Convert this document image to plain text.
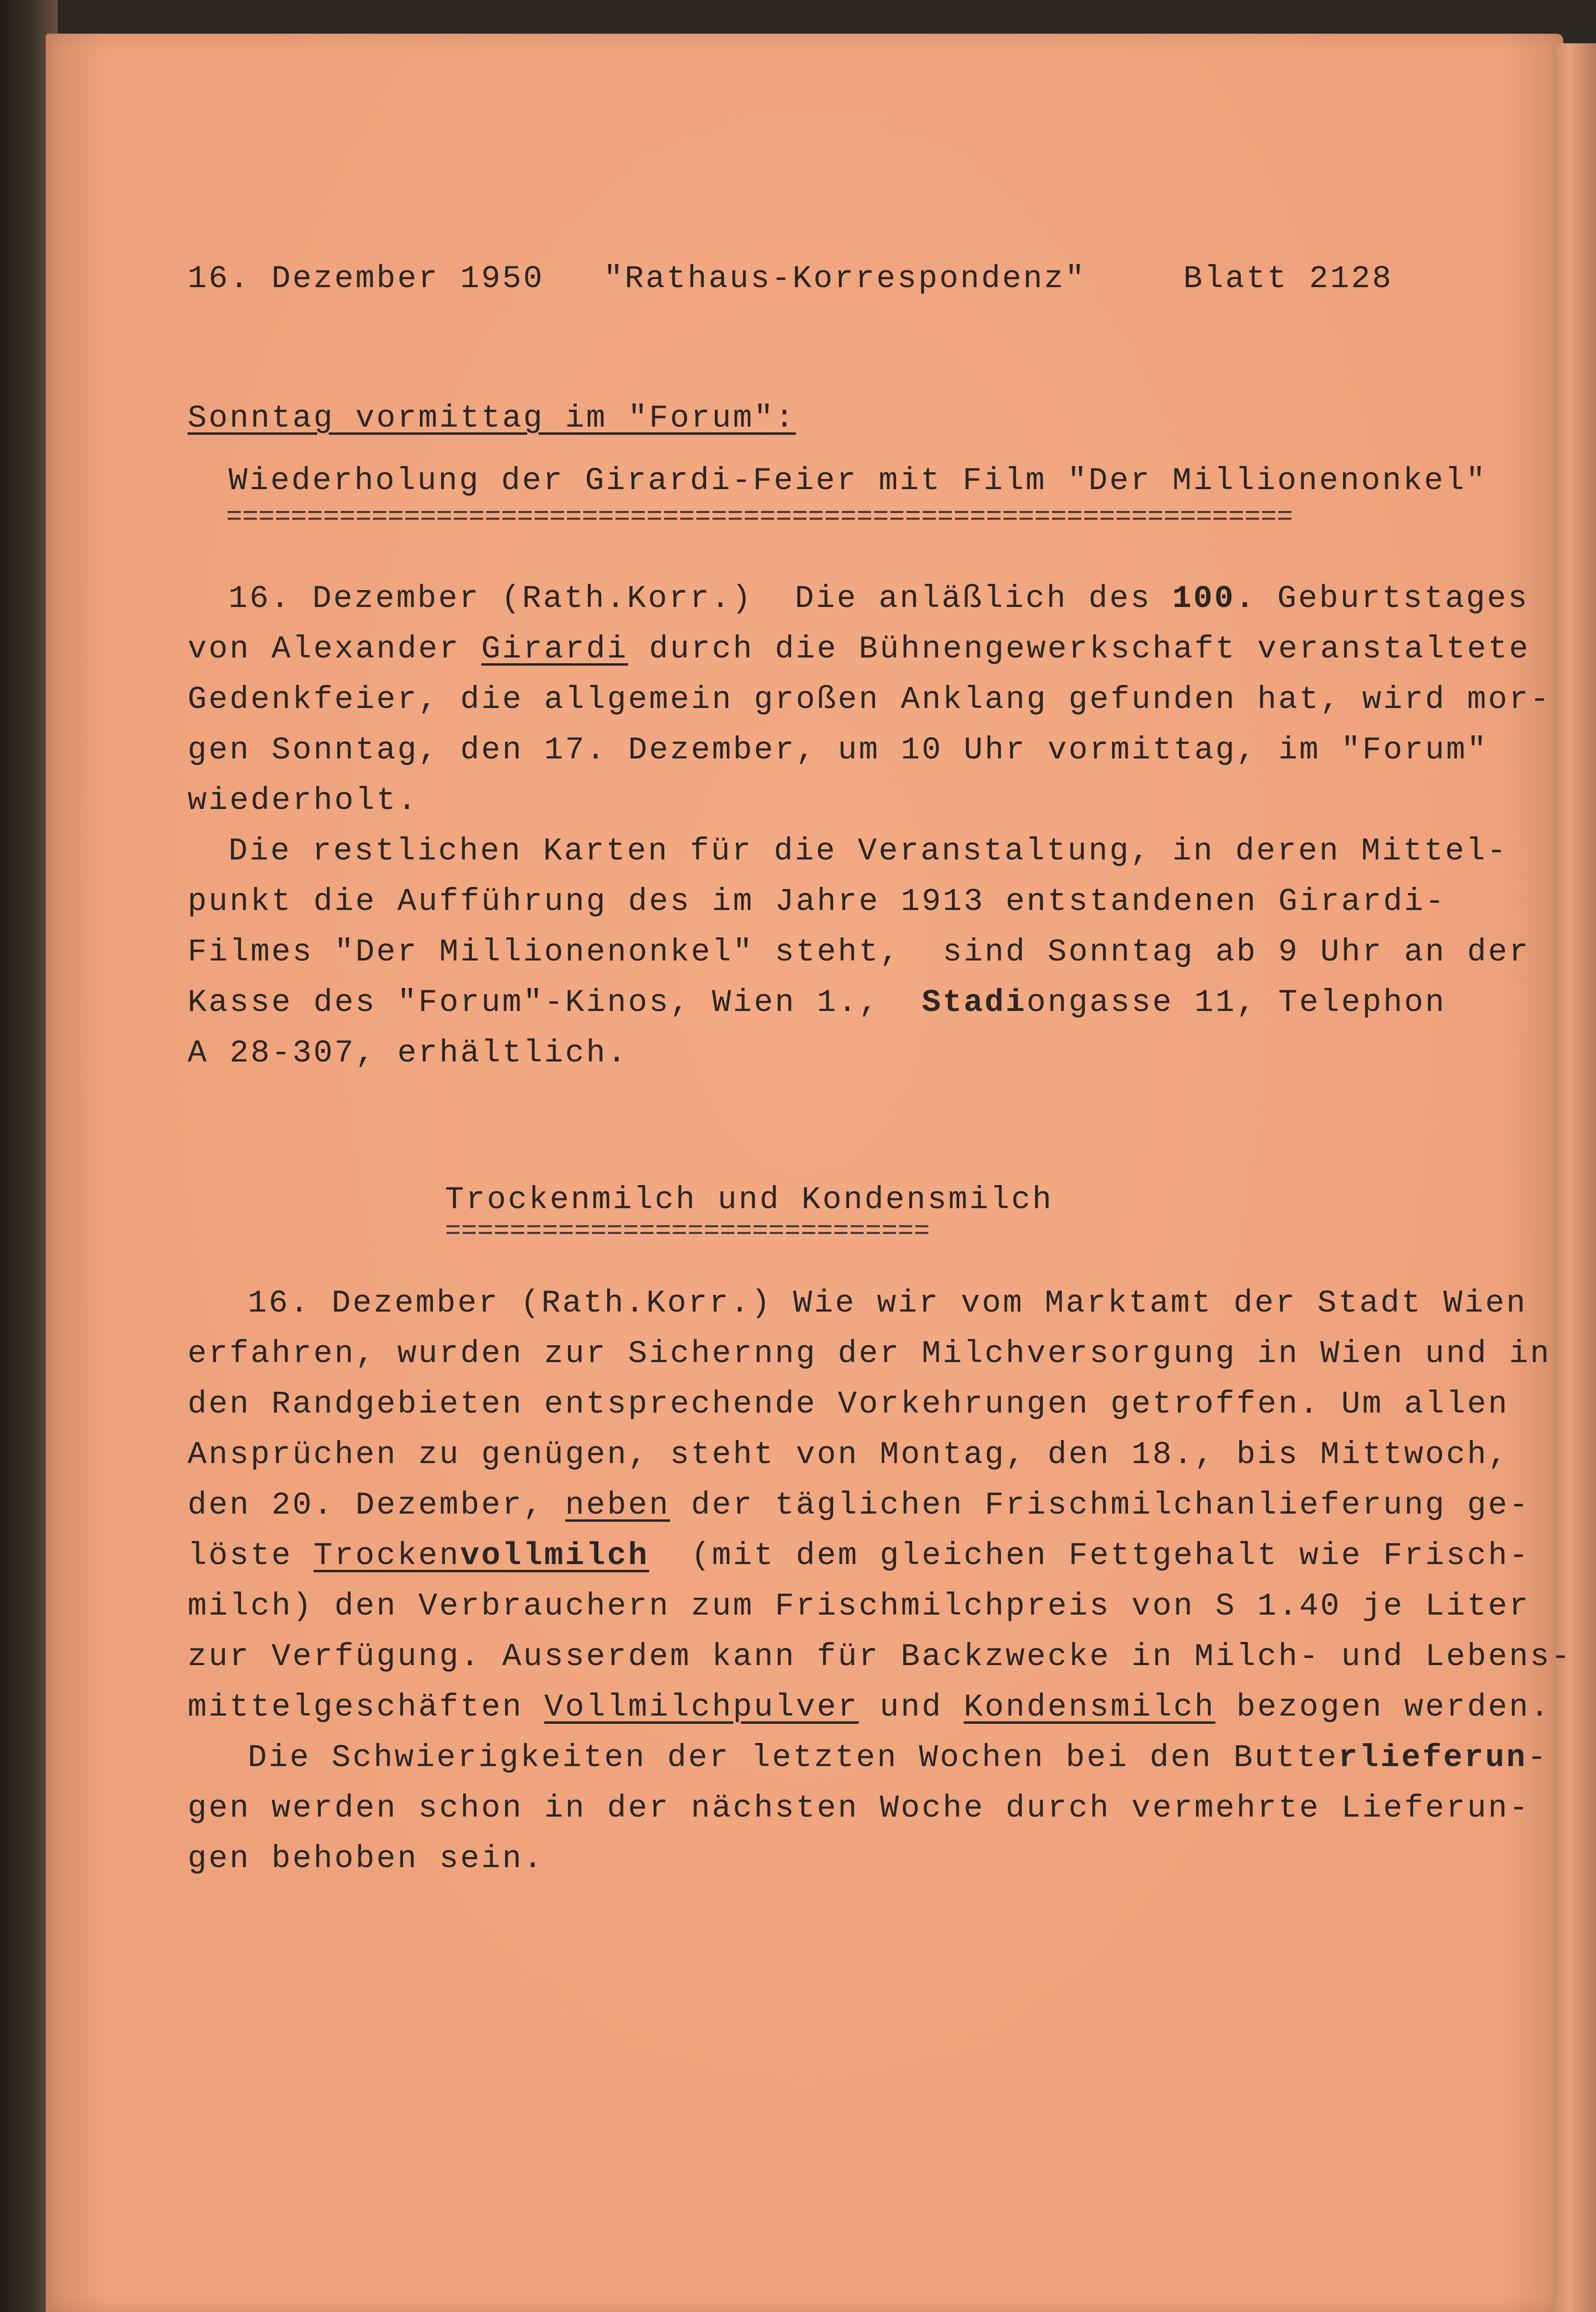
16. Dezember 1950 "Rathaus-Korrespondenz"	Blatt 2128
Sonntag vormittag im "Forum":
Wiederholung der Girardi-Feier mit Film "Der Millionenonkel"
==================================================================
16. Dezember (Rath.Korr.)  Die anläßlich des 100. Geburtstages
von Alexander Girardi durch die Bühnengewerkschaft veranstaltete
Gedenkfeier, die allgemein großen Anklang gefunden hat, wird mor-
gen Sonntag, den 17. Dezember, um 10 Uhr vormittag, im "Forum"
wiederholt.
Die restlichen Karten für die Veranstaltung, in deren Mittel-
punkt die Aufführung des im Jahre 1913 entstandenen Girardi-
Filmes "Der Millionenonkel" steht,  sind Sonntag ab 9 Uhr an der
Kasse des "Forum"-Kinos, Wien 1.,  Stadiongasse 11, Telephon
A 28-307, erhältlich.
Trockenmilch und Kondensmilch
==============================
16. Dezember (Rath.Korr.) Wie wir vom Marktamt der Stadt Wien
erfahren, wurden zur Sichernng der Milchversorgung in Wien und in
den Randgebieten entsprechende Vorkehrungen getroffen. Um allen
Ansprüchen zu genügen, steht von Montag, den 18., bis Mittwoch,
den 20. Dezember, neben der täglichen Frischmilchanlieferung ge-
löste Trockenvollmilch  (mit dem gleichen Fettgehalt wie Frisch-
milch) den Verbrauchern zum Frischmilchpreis von S 1.40 je Liter
zur Verfügung. Ausserdem kann für Backzwecke in Milch- und Lebens-
mittelgeschäften Vollmilchpulver und Kondensmilch bezogen werden.
Die Schwierigkeiten der letzten Wochen bei den Butterlieferun-
gen werden schon in der nächsten Woche durch vermehrte Lieferun-
gen behoben sein.
